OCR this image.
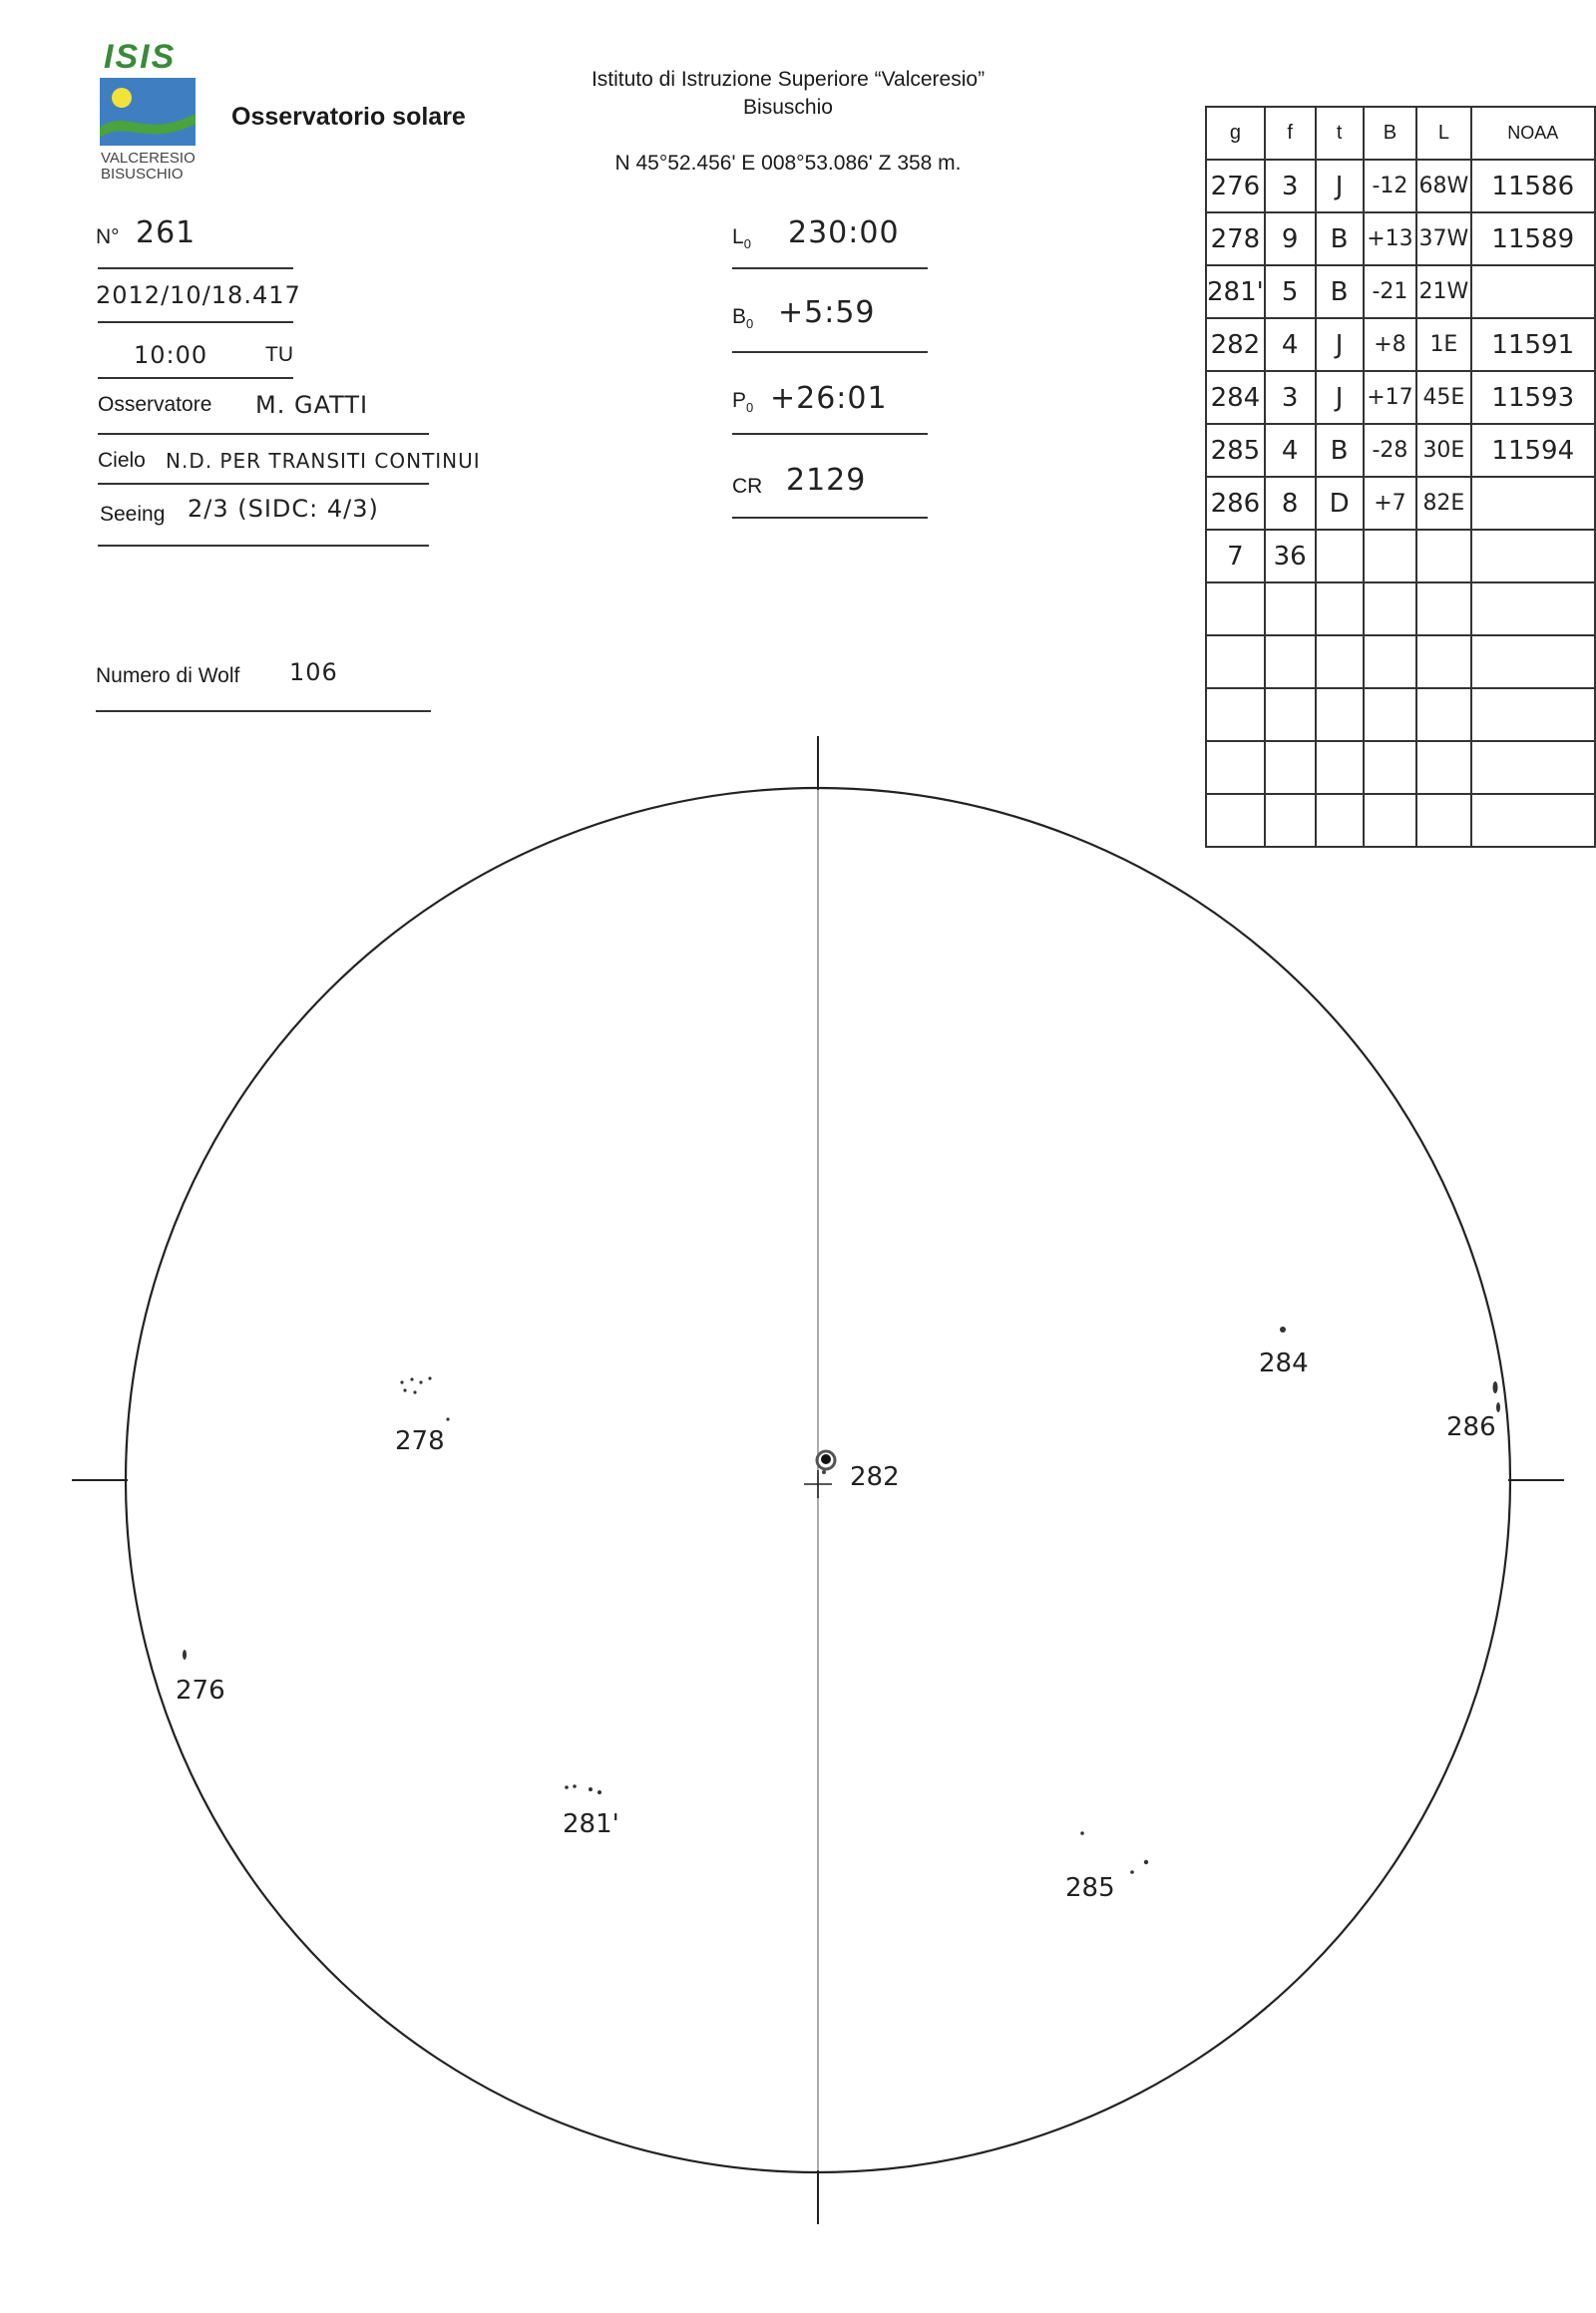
ISIS
VALCERESIO
BISUSCHIO
Osservatorio solare
Istituto di Istruzione Superiore “Valceresio”
Bisuschio
N 45°52.456' E 008°53.086' Z 358 m.
N° 261
2012/10/18.417
10:00	TU
Osservatore M. GATTI
Cielo N.D. PER TRANSITI CONTINUI
Seeing 2/3 (SIDC: 4/3)
Numero di Wolf 106
$L_0$ 230:00
$B_0$ +5:59
$P_0$ +26:01
CR 2129
g	f	t	B	L	NOAA
276	3	J	-12	68W	11586
278	9	B	+13	37W	11589
281'	5	B	-21	21W	
282	4	J	+8	1E	11591
284	3	J	+17	45E	11593
285	4	B	-28	30E	11594
286	8	D	+7	82E	
7	36				

278
276
282
284
286
281'
285
